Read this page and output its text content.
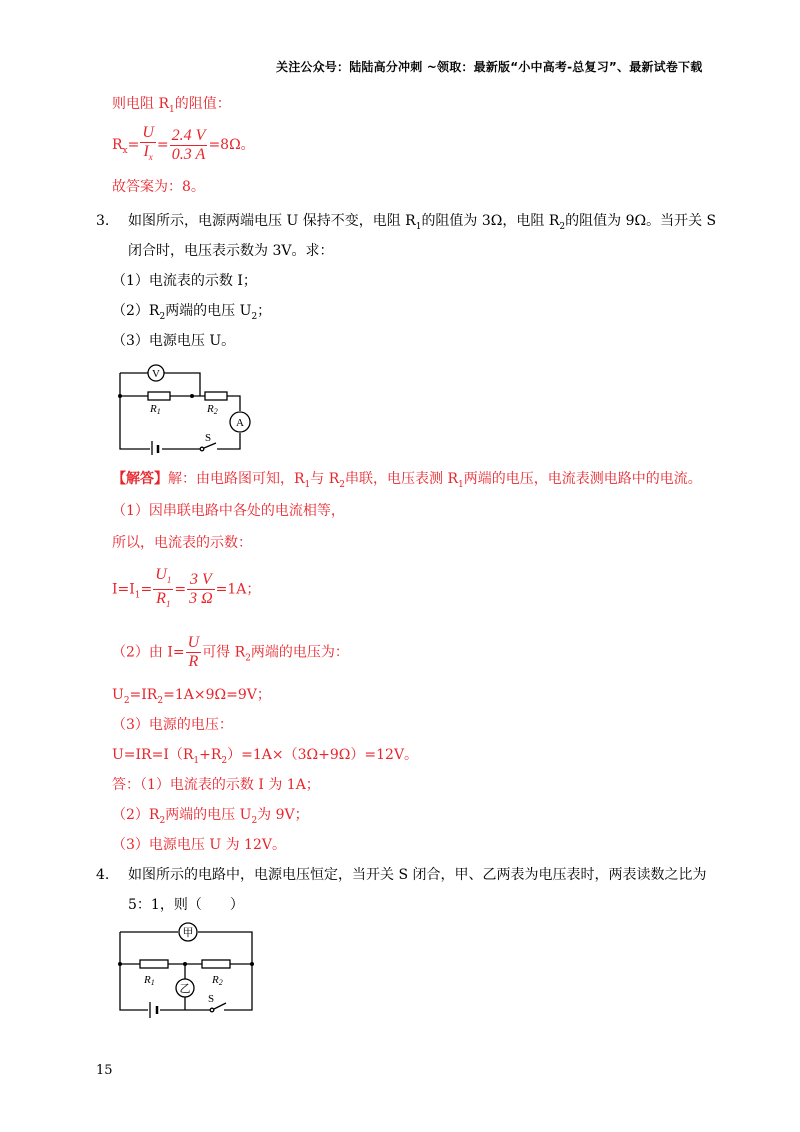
关注公众号：陆陆高分冲刺 ~领取：最新版“小中高考-总复习”、最新试卷下载
则电阻 $R_1$的阻值：
$R_x= \frac{U}{I_x} = \frac{2.4 V}{0.3 A} =8\Omega$。
故答案为：8。
3. 如图所示，电源两端电压 U 保持不变，电阻 $R_1$的阻值为 3Ω，电阻 $R_2$的阻值为 9Ω。当开关 S
闭合时，电压表示数为 3V。求：
（1）电流表的示数 I；
$(2)R_2$两端的电压 $U_2$；
（3）电源电压 U。
V
R1	R2
A
S
【解答】解：由电路图可知，$R_1$与 $R_2$串联，电压表测 $R_1$两端的电压，电流表测电路中的电流。
（1）因串联电路中各处的电流相等，
所以，电流表的示数：
$I=I_1= \frac{U_1}{R_1} = \frac{3 V}{3 \Omega} =1A$；
（2）由 $I= \frac{U}{R}$ 可得 $R_2$两端的电压为：
$U_2=IR_2=1A\times 9\Omega=9V$；
（3）电源的电压：
$U=IR=I(R_1+R_2)=1A\times(3\Omega+9\Omega)=12V$。
答：（1）电流表的示数 I 为 1A；
$(2)R_2$两端的电压 $U_2$为 9V；
（3）电源电压 U 为 12V。
4. 如图所示的电路中，电源电压恒定，当开关 S 闭合，甲、乙两表为电压表时，两表读数之比为
5：1，则（　　）
甲
R1	R2
乙
S
15
